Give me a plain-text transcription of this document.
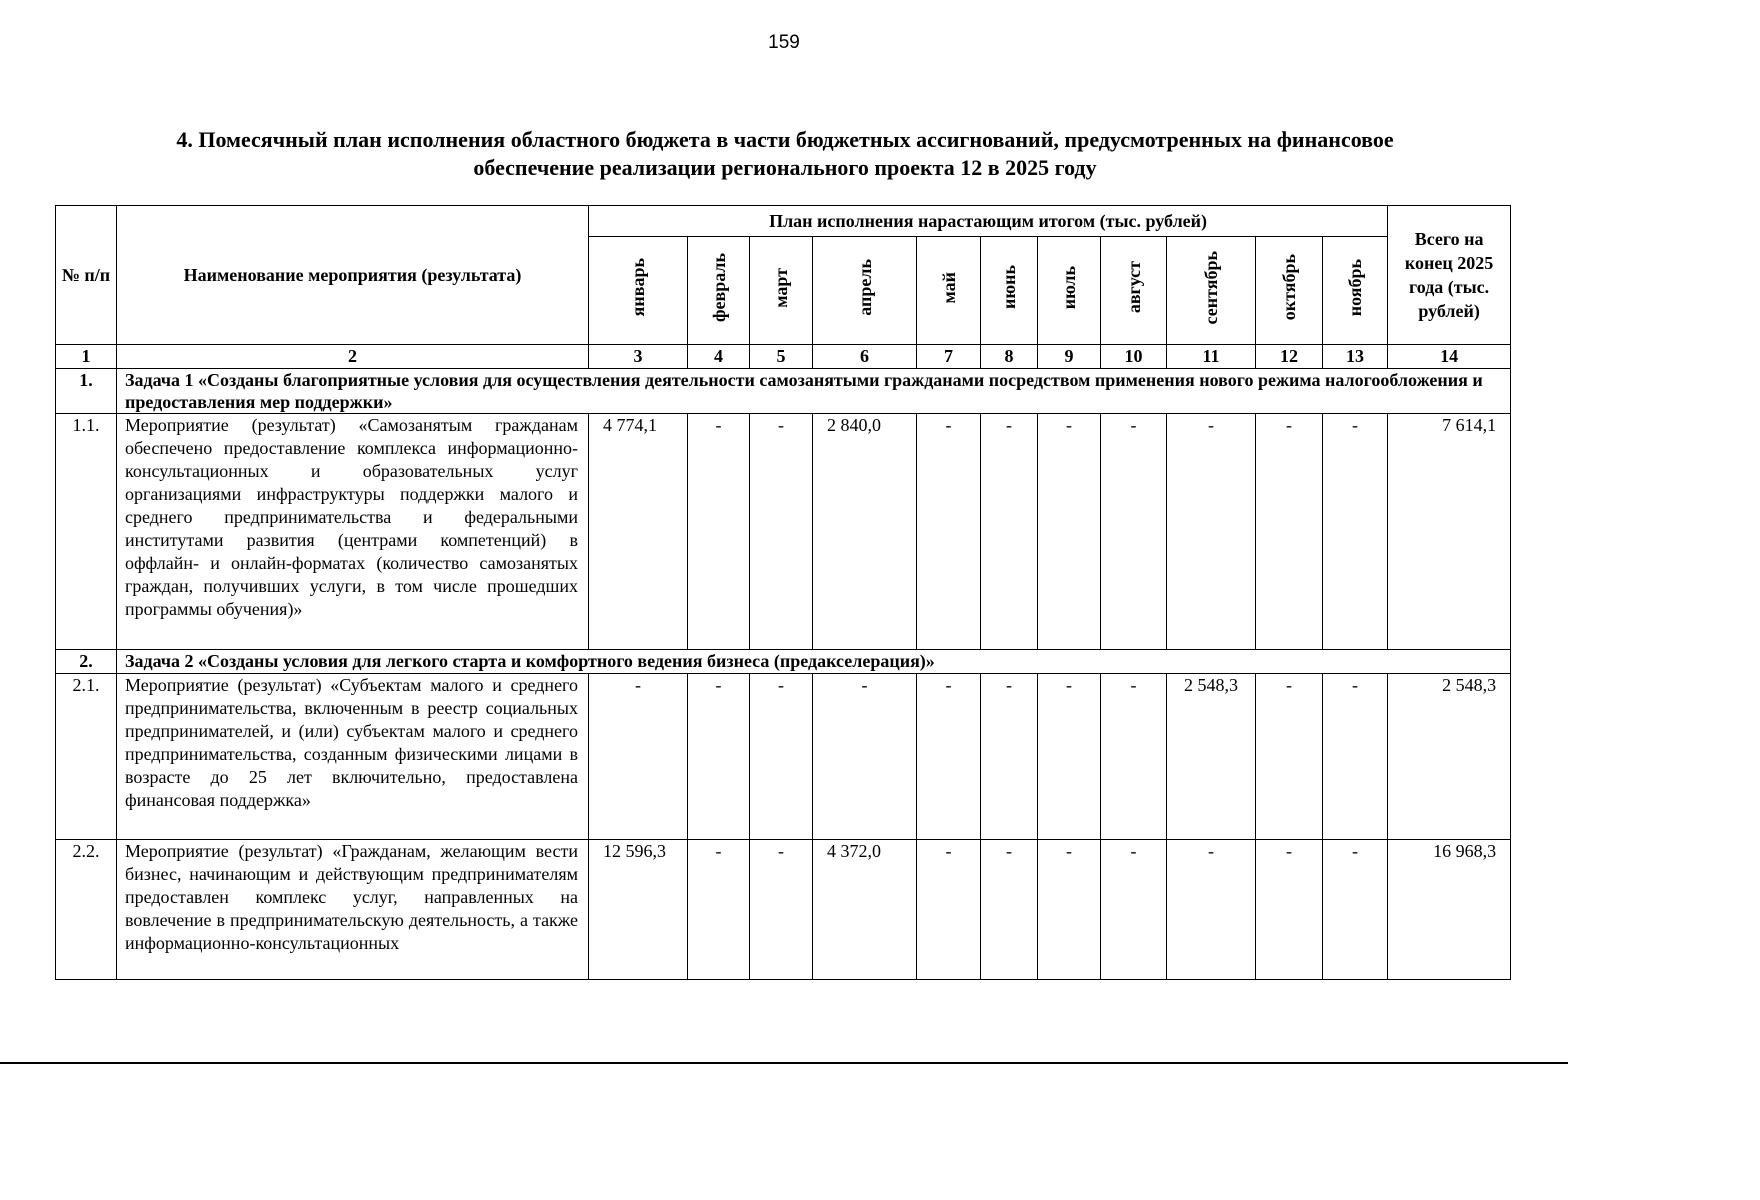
159
4. Помесячный план исполнения областного бюджета в части бюджетных ассигнований, предусмотренных на финансовое
обеспечение реализации регионального проекта 12 в 2025 году
№ п/п	Наименование мероприятия (результата)	План исполнения нарастающим итогом (тыс. рублей)											Всего на конец 2025 года (тыс. рублей)
		январь	февраль	март	апрель	май	июнь	июль	август	сентябрь	октябрь	ноябрь	
1	2	3	4	5	6	7	8	9	10	11	12	13	14
1.	Задача 1 «Созданы благоприятные условия для осуществления деятельности самозанятыми гражданами посредством применения нового режима налогообложения и предоставления мер поддержки»												
1.1.	Мероприятие (результат) «Самозанятым гражданам обеспечено предоставление комплекса информационно-консультационных и образовательных услуг организациями инфраструктуры поддержки малого и среднего предпринимательства и федеральными институтами развития (центрами компетенций) в оффлайн- и онлайн-форматах (количество самозанятых граждан, получивших услуги, в том числе прошедших программы обучения)»	4 774,1	-	-	2 840,0	-	-	-	-	-	-	-	7 614,1
2.	Задача 2 «Созданы условия для легкого старта и комфортного ведения бизнеса (предакселерация)»												
2.1.	Мероприятие (результат) «Субъектам малого и среднего предпринимательства, включенным в реестр социальных предпринимателей, и (или) субъектам малого и среднего предпринимательства, созданным физическими лицами в возрасте до 25 лет включительно, предоставлена финансовая поддержка»	-	-	-	-	-	-	-	-	2 548,3	-	-	2 548,3
2.2.	Мероприятие (результат) «Гражданам, желающим вести бизнес, начинающим и действующим предпринимателям предоставлен комплекс услуг, направленных на вовлечение в предпринимательскую деятельность, а также информационно-консультационных	12 596,3	-	-	4 372,0	-	-	-	-	-	-	-	16 968,3
